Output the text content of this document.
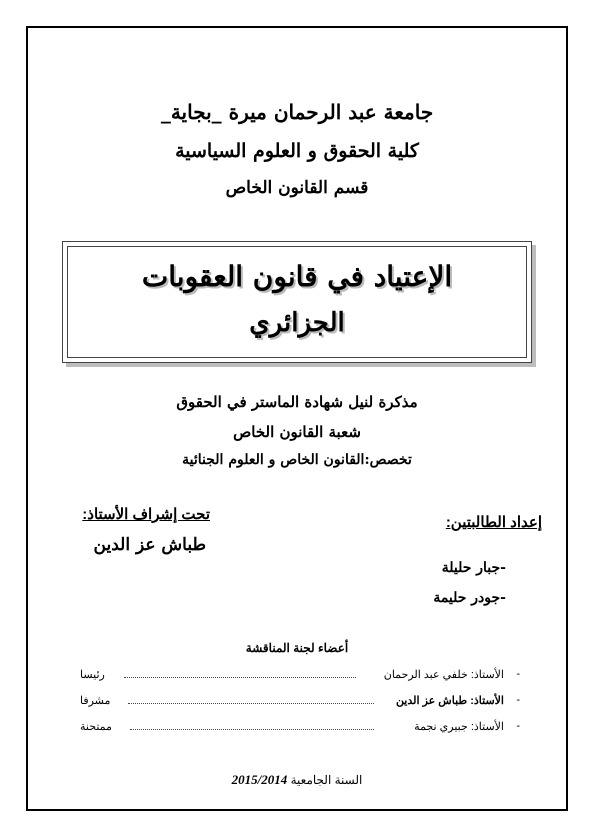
جامعة عبد الرحمان ميرة _بجاية_
كلية الحقوق و العلوم السياسية
قسم القانون الخاص
الإعتياد في قانون العقوبات
الجزائري
مذكرة لنيل شهادة الماستر في الحقوق
شعبة القانون الخاص
تخصص:القانون الخاص و العلوم الجنائية
إعداد الطالبتين:
تحت إشراف الأستاذ:
طباش عز الدين
-جبار حليلة
-جودر حليمة
أعضاء لجنة المناقشة
-
الأستاذ: خلفي عبد الرحمان
رئيسا
-
الأستاذ: طباش عز الدين
مشرفا
-
الأستاذ: جبيري نجمة
ممتحنة
السنة الجامعية 2015/2014
